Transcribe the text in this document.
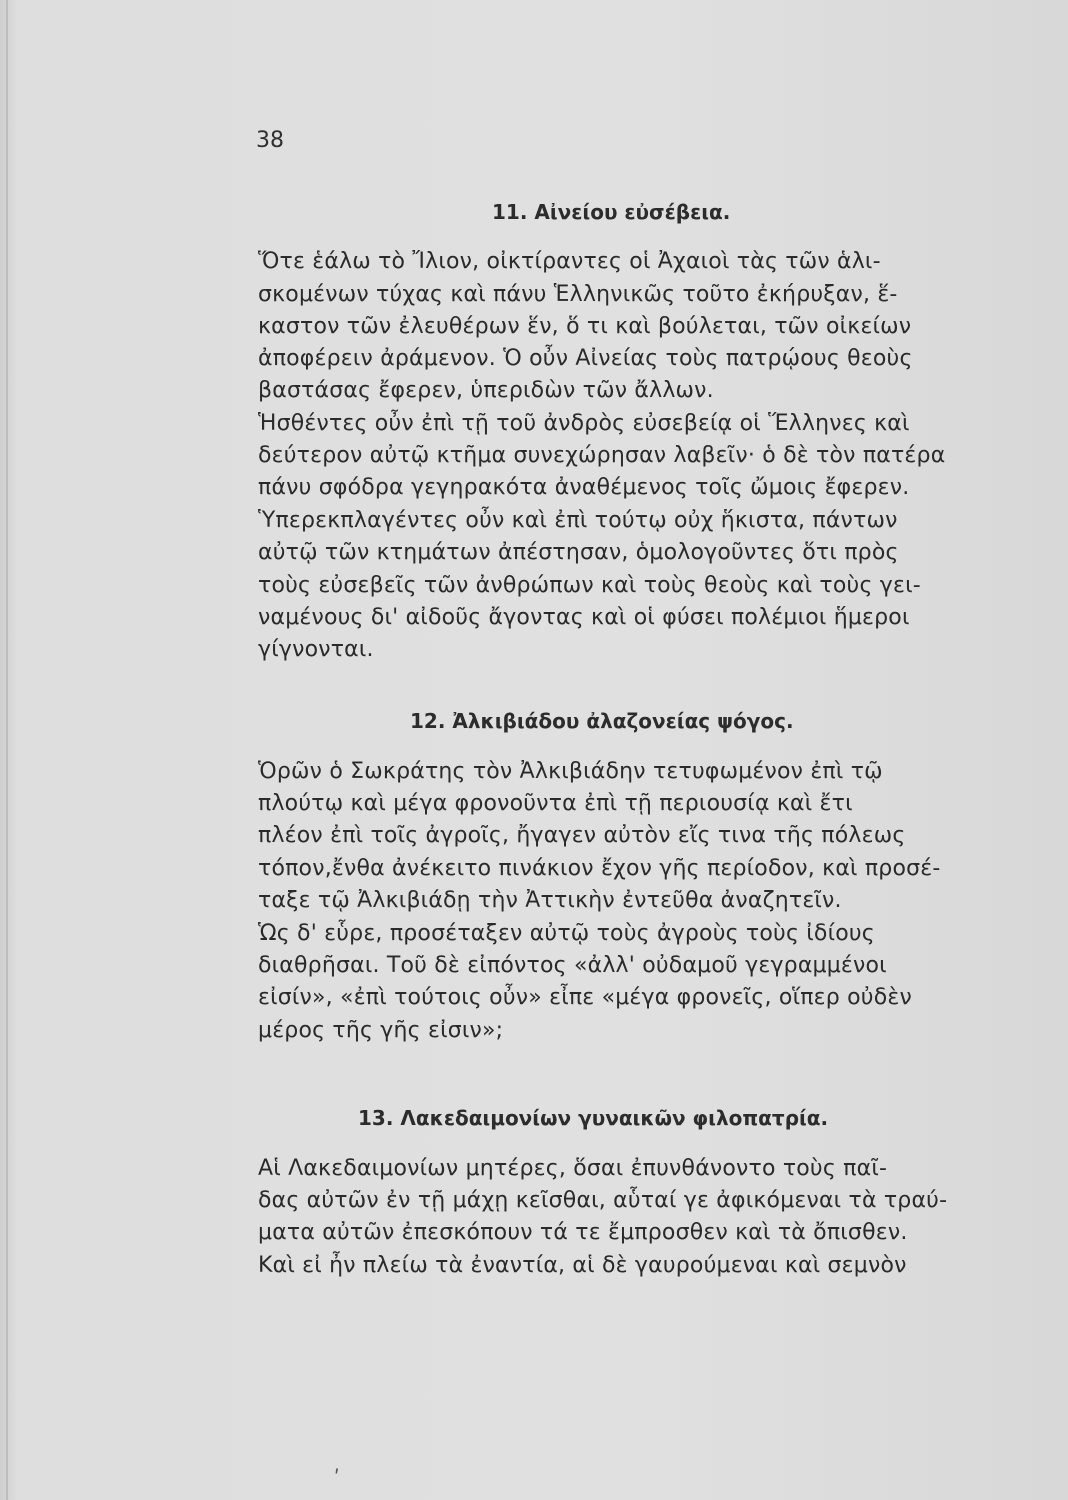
38
11. Αἰνείου εὐσέβεια.
Ὅτε ἑάλω τὸ Ἴλιον, οἰκτίραντες οἱ Ἀχαιοὶ τὰς τῶν ἁλι-
σκομένων τύχας καὶ πάνυ Ἑλληνικῶς τοῦτο ἐκήρυξαν, ἕ-
καστον τῶν ἐλευθέρων ἕν, ὅ τι καὶ βούλεται, τῶν οἰκείων
ἀποφέρειν ἀράμενον. Ὁ οὖν Αἰνείας τοὺς πατρῴους θεοὺς
βαστάσας ἔφερεν, ὑπεριδὼν τῶν ἄλλων.
Ἡσθέντες οὖν ἐπὶ τῇ τοῦ ἀνδρὸς εὐσεβείᾳ οἱ Ἕλληνες καὶ
δεύτερον αὐτῷ κτῆμα συνεχώρησαν λαβεῖν· ὁ δὲ τὸν πατέρα
πάνυ σφόδρα γεγηρακότα ἀναθέμενος τοῖς ὤμοις ἔφερεν.
Ὑπερεκπλαγέντες οὖν καὶ ἐπὶ τούτῳ οὐχ ἥκιστα, πάντων
αὐτῷ τῶν κτημάτων ἀπέστησαν, ὁμολογοῦντες ὅτι πρὸς
τοὺς εὐσεβεῖς τῶν ἀνθρώπων καὶ τοὺς θεοὺς καὶ τοὺς γει-
ναμένους δι' αἰδοῦς ἄγοντας καὶ οἱ φύσει πολέμιοι ἥμεροι
γίγνονται.
12. Ἀλκιβιάδου ἀλαζονείας ψόγος.
Ὁρῶν ὁ Σωκράτης τὸν Ἀλκιβιάδην τετυφωμένον ἐπὶ τῷ
πλούτῳ καὶ μέγα φρονοῦντα ἐπὶ τῇ περιουσίᾳ καὶ ἔτι
πλέον ἐπὶ τοῖς ἀγροῖς, ἤγαγεν αὐτὸν εἴς τινα τῆς πόλεως
τόπον,ἔνθα ἀνέκειτο πινάκιον ἔχον γῆς περίοδον, καὶ προσέ-
ταξε τῷ Ἀλκιβιάδῃ τὴν Ἀττικὴν ἐντεῦθα ἀναζητεῖν.
Ὡς δ' εὗρε, προσέταξεν αὐτῷ τοὺς ἀγροὺς τοὺς ἰδίους
διαθρῆσαι. Τοῦ δὲ εἰπόντος «ἀλλ' οὐδαμοῦ γεγραμμένοι
εἰσίν», «ἐπὶ τούτοις οὖν» εἶπε «μέγα φρονεῖς, οἵπερ οὐδὲν
μέρος τῆς γῆς εἰσιν»;
13. Λακεδαιμονίων γυναικῶν φιλοπατρία.
Αἱ Λακεδαιμονίων μητέρες, ὅσαι ἐπυνθάνοντο τοὺς παῖ-
δας αὐτῶν ἐν τῇ μάχῃ κεῖσθαι, αὗταί γε ἀφικόμεναι τὰ τραύ-
ματα αὐτῶν ἐπεσκόπουν τά τε ἔμπροσθεν καὶ τὰ ὄπισθεν.
Καὶ εἰ ἦν πλείω τὰ ἐναντία, αἱ δὲ γαυρούμεναι καὶ σεμνὸν
ʹ
